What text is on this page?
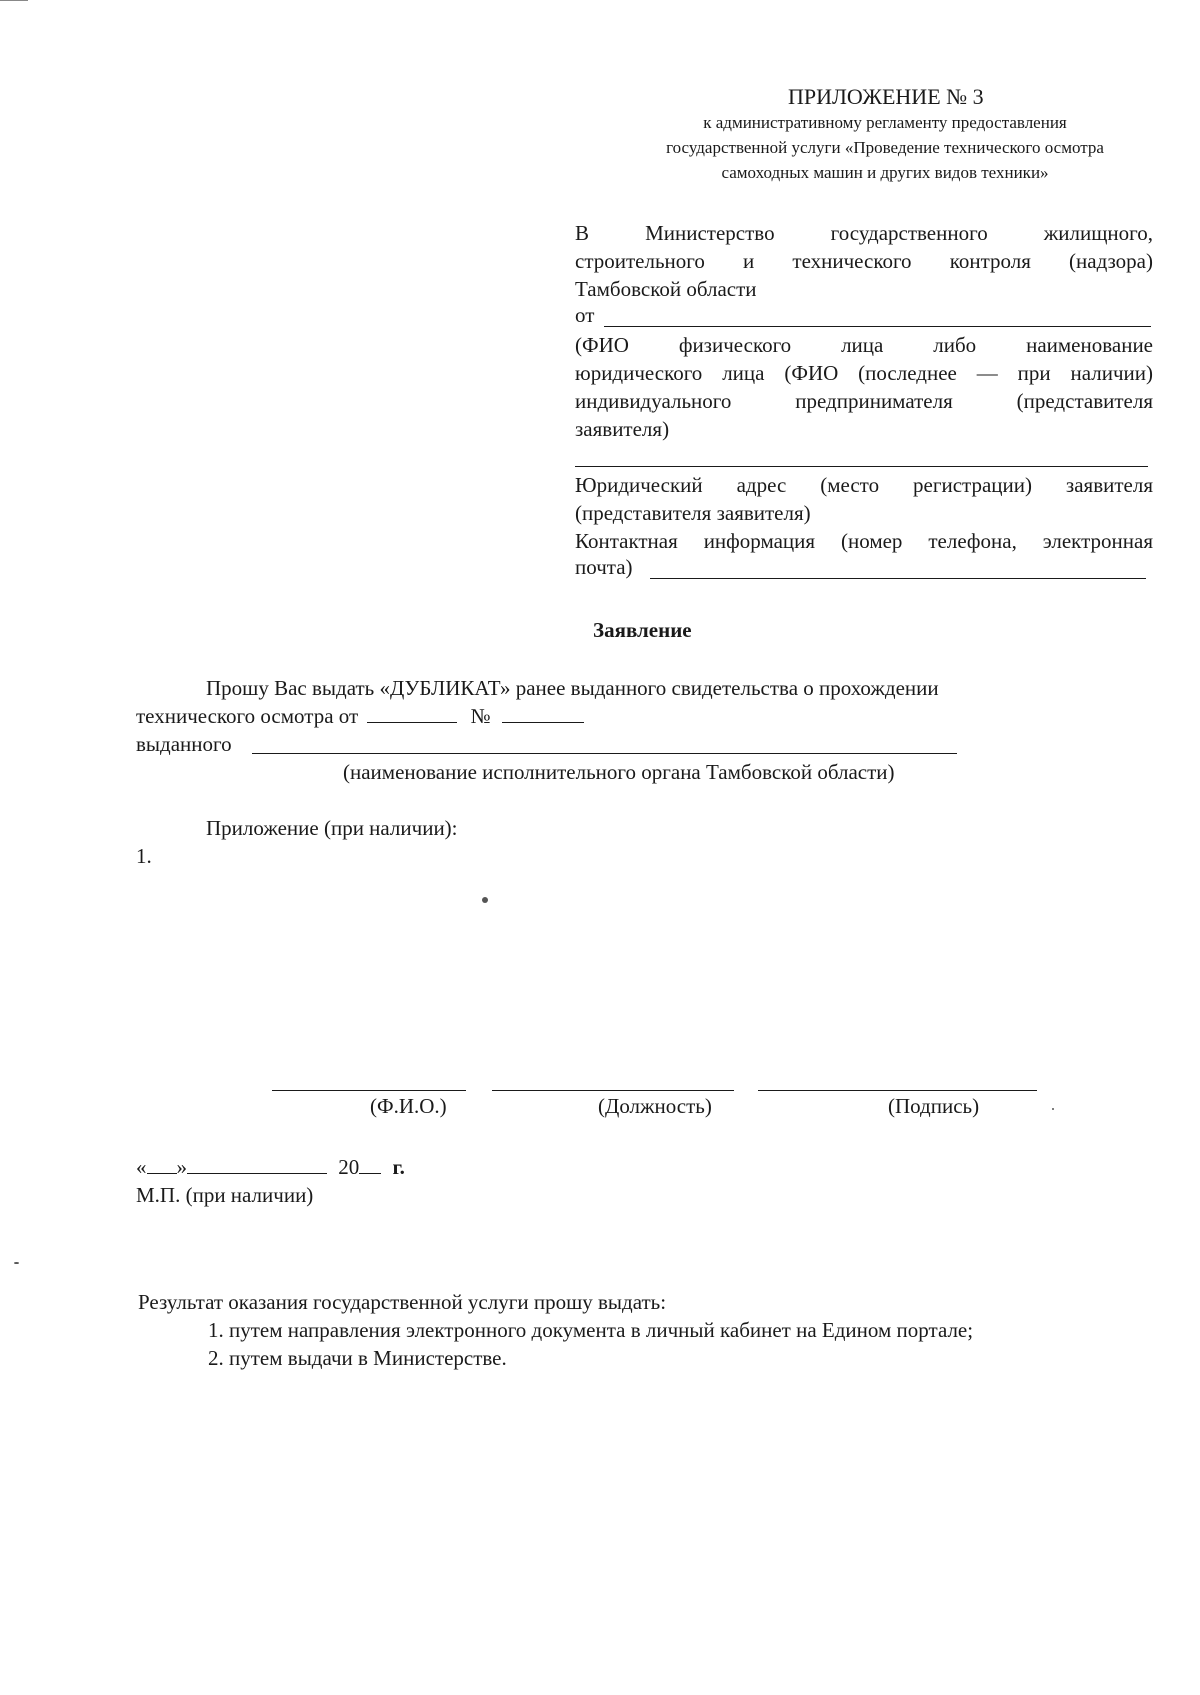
ПРИЛОЖЕНИЕ № 3
к административному регламенту предоставления
государственной услуги «Проведение технического осмотра
самоходных машин и других видов техники»
В Министерство государственного жилищного,
строительного и технического контроля (надзора)
Тамбовской области
от
(ФИО физического лица либо наименование
юридического лица (ФИО (последнее — при наличии)
индивидуального предпринимателя (представителя
заявителя)
Юридический адрес (место регистрации) заявителя
(представителя заявителя)
Контактная информация (номер телефона, электронная
почта)
Заявление
Прошу Вас выдать «ДУБЛИКАТ» ранее выданного свидетельства о прохождении
технического осмотра от	№
выданного
(наименование исполнительного органа Тамбовской области)
Приложение (при наличии):
1.
(Ф.И.О.)	(Должность)	(Подпись)
« »	20 г.
М.П. (при наличии)
Результат оказания государственной услуги прошу выдать:
1. путем направления электронного документа в личный кабинет на Едином портале;
2. путем выдачи в Министерстве.
